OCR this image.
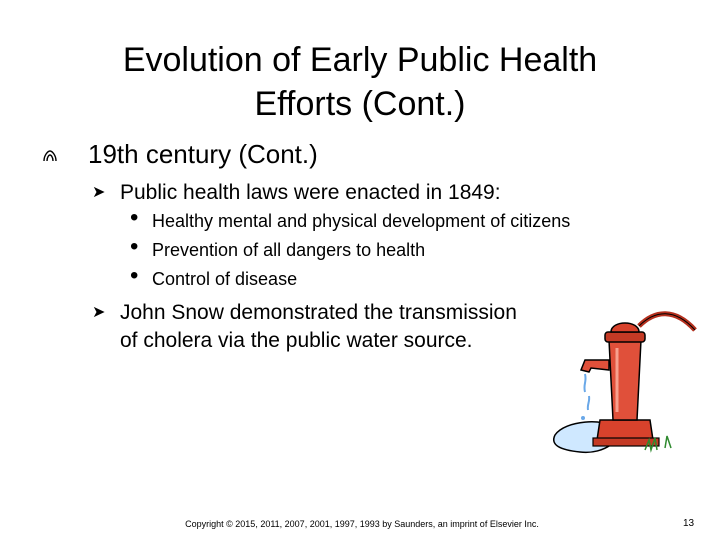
Evolution of Early Public Health
Efforts (Cont.)
19th century (Cont.)
➤ Public health laws were enacted in 1849:
• Healthy mental and physical development of citizens
• Prevention of all dangers to health
• Control of disease
➤ John Snow demonstrated the transmission
of cholera via the public water source.
Copyright © 2015, 2011, 2007, 2001, 1997, 1993 by Saunders, an imprint of Elsevier Inc.	13
